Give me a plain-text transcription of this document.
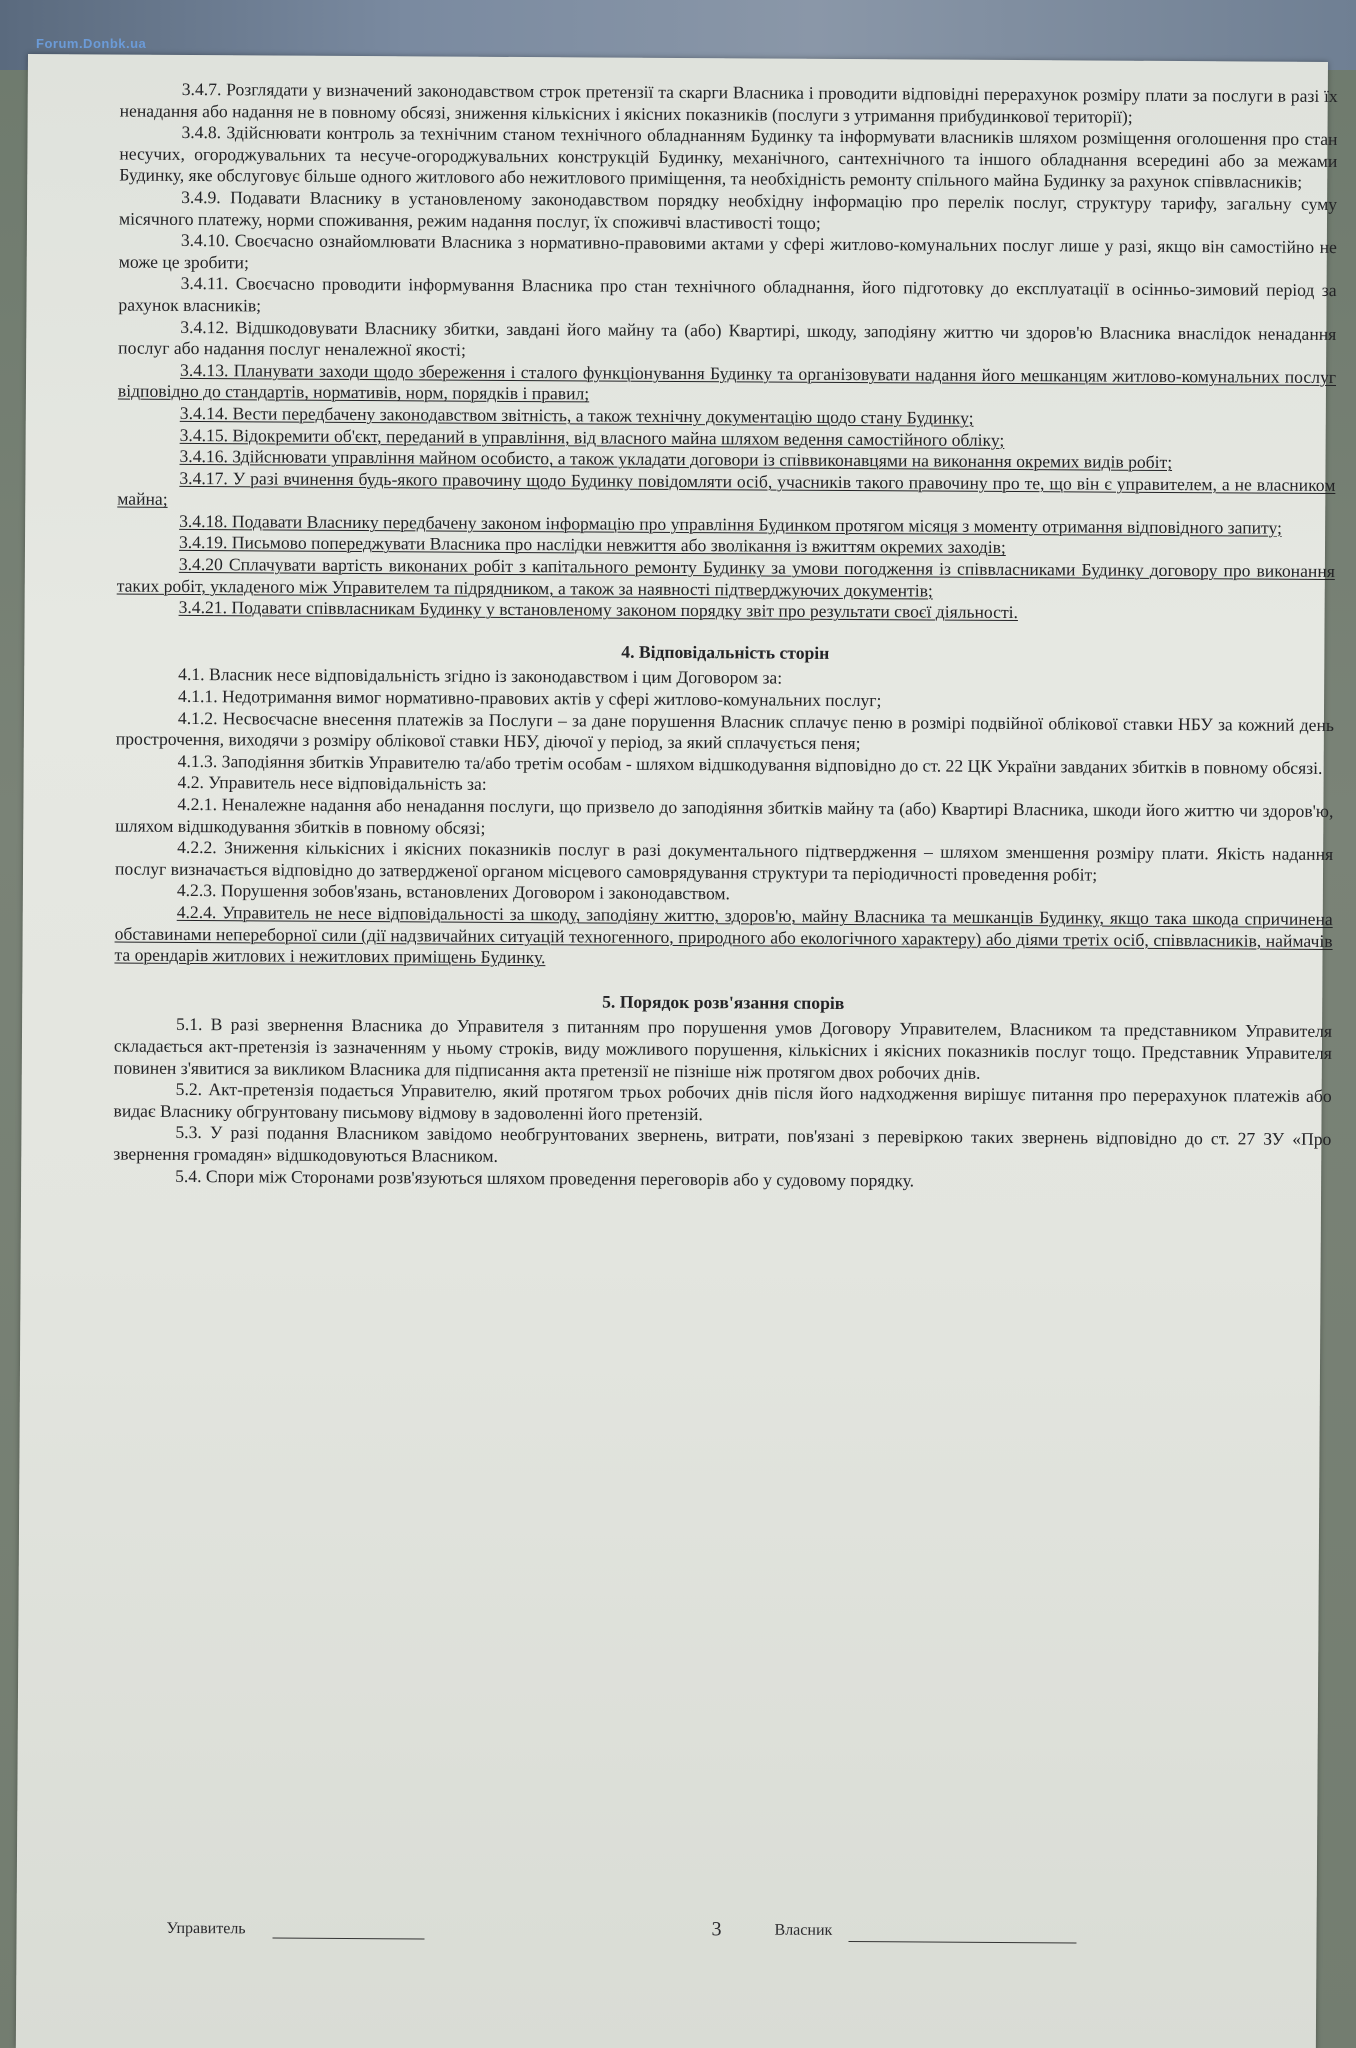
Forum.Donbk.ua

3.4.7. Розглядати у визначений законодавством строк претензії та скарги Власника і проводити відповідні перерахунок розміру плати за послуги в разі їх ненадання або надання не в повному обсязі, зниження кількісних і якісних показників (послуги з утримання прибудинкової території);

3.4.8. Здійснювати контроль за технічним станом технічного обладнанням Будинку та інформувати власників шляхом розміщення оголошення про стан несучих, огороджувальних та несуче-огороджувальних конструкцій Будинку, механічного, сантехнічного та іншого обладнання всередині або за межами Будинку, яке обслуговує більше одного житлового або нежитлового приміщення, та необхідність ремонту спільного майна Будинку за рахунок співвласників;

3.4.9. Подавати Власнику в установленому законодавством порядку необхідну інформацію про перелік послуг, структуру тарифу, загальну суму місячного платежу, норми споживання, режим надання послуг, їх споживчі властивості тощо;

3.4.10. Своєчасно ознайомлювати Власника з нормативно-правовими актами у сфері житлово-комунальних послуг лише у разі, якщо він самостійно не може це зробити;

3.4.11. Своєчасно проводити інформування Власника про стан технічного обладнання, його підготовку до експлуатації в осінньо-зимовий період за рахунок власників;

3.4.12. Відшкодовувати Власнику збитки, завдані його майну та (або) Квартирі, шкоду, заподіяну життю чи здоров'ю Власника внаслідок ненадання послуг або надання послуг неналежної якості;

3.4.13. Планувати заходи щодо збереження і сталого функціонування Будинку та організовувати надання його мешканцям житлово-комунальних послуг відповідно до стандартів, нормативів, норм, порядків і правил;

3.4.14. Вести передбачену законодавством звітність, а також технічну документацію щодо стану Будинку;

3.4.15. Відокремити об'єкт, переданий в управління, від власного майна шляхом ведення самостійного обліку;

3.4.16. Здійснювати управління майном особисто, а також укладати договори із співвиконавцями на виконання окремих видів робіт;

3.4.17. У разі вчинення будь-якого правочину щодо Будинку повідомляти осіб, учасників такого правочину про те, що він є управителем, а не власником майна;

3.4.18. Подавати Власнику передбачену законом інформацію про управління Будинком протягом місяця з моменту отримання відповідного запиту;

3.4.19. Письмово попереджувати Власника про наслідки невжиття або зволікання із вжиттям окремих заходів;

3.4.20 Сплачувати вартість виконаних робіт з капітального ремонту Будинку за умови погодження із співвласниками Будинку договору про виконання таких робіт, укладеного між Управителем та підрядником, а також за наявності підтверджуючих документів;

3.4.21. Подавати співвласникам Будинку у встановленому законом порядку звіт про результати своєї діяльності.

4. Відповідальність сторін

4.1. Власник несе відповідальність згідно із законодавством і цим Договором за:

4.1.1. Недотримання вимог нормативно-правових актів у сфері житлово-комунальних послуг;

4.1.2. Несвоєчасне внесення платежів за Послуги – за дане порушення Власник сплачує пеню в розмірі подвійної облікової ставки НБУ за кожний день прострочення, виходячи з розміру облікової ставки НБУ, діючої у період, за який сплачується пеня;

4.1.3. Заподіяння збитків Управителю та/або третім особам - шляхом відшкодування відповідно до ст. 22 ЦК України завданих збитків в повному обсязі.

4.2. Управитель несе відповідальність за:

4.2.1. Неналежне надання або ненадання послуги, що призвело до заподіяння збитків майну та (або) Квартирі Власника, шкоди його життю чи здоров'ю, шляхом відшкодування збитків в повному обсязі;

4.2.2. Зниження кількісних і якісних показників послуг в разі документального підтвердження – шляхом зменшення розміру плати. Якість надання послуг визначається відповідно до затвердженої органом місцевого самоврядування структури та періодичності проведення робіт;

4.2.3. Порушення зобов'язань, встановлених Договором і законодавством.

4.2.4. Управитель не несе відповідальності за шкоду, заподіяну життю, здоров'ю, майну Власника та мешканців Будинку, якщо така шкода спричинена обставинами непереборної сили (дії надзвичайних ситуацій техногенного, природного або екологічного характеру) або діями третіх осіб, співвласників, наймачів та орендарів житлових і нежитлових приміщень Будинку.

5. Порядок розв'язання спорів

5.1. В разі звернення Власника до Управителя з питанням про порушення умов Договору Управителем, Власником та представником Управителя складається акт-претензія із зазначенням у ньому строків, виду можливого порушення, кількісних і якісних показників послуг тощо. Представник Управителя повинен з'явитися за викликом Власника для підписання акта претензії не пізніше ніж протягом двох робочих днів.

5.2. Акт-претензія подається Управителю, який протягом трьох робочих днів після його надходження вирішує питання про перерахунок платежів або видає Власнику обгрунтовану письмову відмову в задоволенні його претензій.

5.3. У разі подання Власником завідомо необгрунтованих звернень, витрати, пов'язані з перевіркою таких звернень відповідно до ст. 27 ЗУ «Про звернення громадян» відшкодовуються Власником.

5.4. Спори між Сторонами розв'язуються шляхом проведення переговорів або у судовому порядку.

Управитель	3	Власник
